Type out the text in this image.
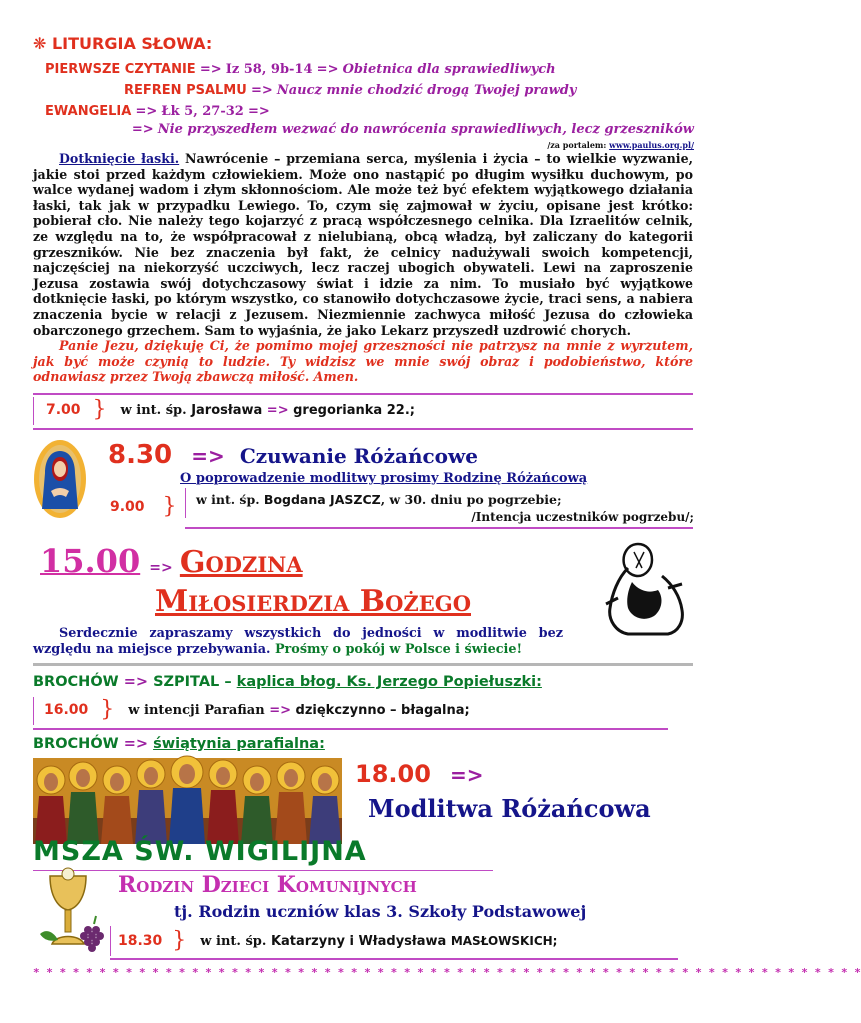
❋ LITURGIA SŁOWA:
PIERWSZE CZYTANIE => Iz 58, 9b-14 => Obietnica dla sprawiedliwych
REFREN PSALMU => Naucz mnie chodzić drogą Twojej prawdy
EWANGELIA => Łk 5, 27-32 =>
=> Nie przyszedłem wezwać do nawrócenia sprawiedliwych, lecz grzeszników
/za portalem: www.paulus.org.pl/
Dotknięcie łaski. Nawrócenie – przemiana serca, myślenia i życia – to wielkie wyzwanie, jakie stoi przed każdym człowiekiem. Może ono nastąpić po długim wysiłku duchowym, po walce wydanej wadom i złym skłonnościom. Ale może też być efektem wyjątkowego działania łaski, tak jak w przypadku Lewiego. To, czym się zajmował w życiu, opisane jest krótko: pobierał cło. Nie należy tego kojarzyć z pracą współczesnego celnika. Dla Izraelitów celnik, ze względu na to, że współpracował z nielubianą, obcą władzą, był zaliczany do kategorii grzeszników. Nie bez znaczenia był fakt, że celnicy nadużywali swoich kompetencji, najczęściej na niekorzyść uczciwych, lecz raczej ubogich obywateli. Lewi na zaproszenie Jezusa zostawia swój dotychczasowy świat i idzie za nim. To musiało być wyjątkowe dotknięcie łaski, po którym wszystko, co stanowiło dotychczasowe życie, traci sens, a nabiera znaczenia bycie w relacji z Jezusem. Niezmiennie zachwyca miłość Jezusa do człowieka obarczonego grzechem. Sam to wyjaśnia, że jako Lekarz przyszedł uzdrowić chorych.
Panie Jezu, dziękuję Ci, że pomimo mojej grzeszności nie patrzysz na mnie z wyrzutem, jak być może czynią to ludzie. Ty widzisz we mnie swój obraz i podobieństwo, które odnawiasz przez Twoją zbawczą miłość. Amen.
7.00 } w int. śp. Jarosława => gregorianka 22.;
8.30 => Czuwanie Różańcowe
O poprowadzenie modlitwy prosimy Rodzinę Różańcową
9.00 } w int. śp. Bogdana JASZCZ, w 30. dniu po pogrzebie;
/Intencja uczestników pogrzebu/;
15.00 => Godzina
Miłosierdzia Bożego
Serdecznie zapraszamy wszystkich do jedności w modlitwie bez względu na miejsce przebywania. Prośmy o pokój w Polsce i świecie!
BROCHÓW => SZPITAL – kaplica błog. Ks. Jerzego Popiełuszki:
16.00 } w intencji Parafian => dziękczynno – błagalna;
BROCHÓW => świątynia parafialna:
18.00 =>
Modlitwa Różańcowa
MSZA ŚW. WIGILIJNA
Rodzin Dzieci Komunijnych
tj. Rodzin uczniów klas 3. Szkoły Podstawowej
18.30 } w int. śp. Katarzyny i Władysława MASŁOWSKICH;
* * * * * * * * * * * * * * * * * * * * * * * * * * * * * * * * * * * * * * * * * * * * * * * * * * * * * * * * * * * * * * *
